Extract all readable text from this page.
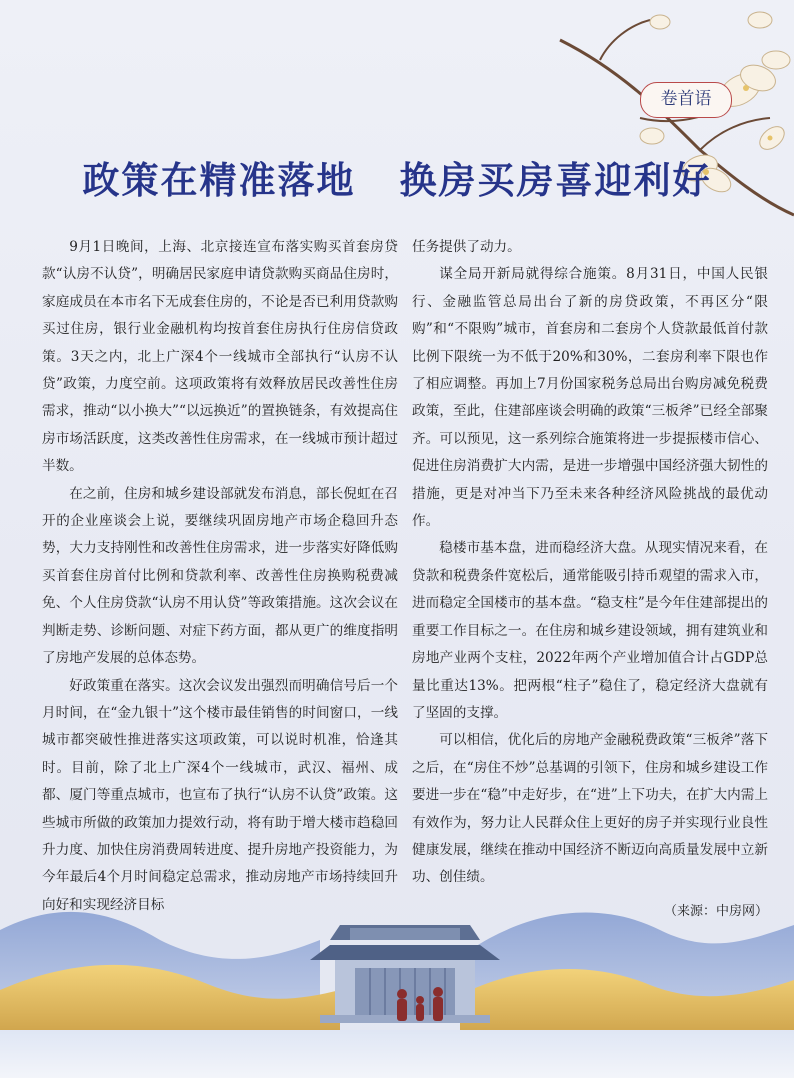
卷首语
政策在精准落地 换房买房喜迎利好

9月1日晚间，上海、北京接连宣布落实购买首套房贷款“认房不认贷”，明确居民家庭申请贷款购买商品住房时，家庭成员在本市名下无成套住房的，不论是否已利用贷款购买过住房，银行业金融机构均按首套住房执行住房信贷政策。3天之内，北上广深4个一线城市全部执行“认房不认贷”政策，力度空前。这项政策将有效释放居民改善性住房需求，推动“以小换大”“以远换近”的置换链条，有效提高住房市场活跃度，这类改善性住房需求，在一线城市预计超过半数。

在之前，住房和城乡建设部就发布消息，部长倪虹在召开的企业座谈会上说，要继续巩固房地产市场企稳回升态势，大力支持刚性和改善性住房需求，进一步落实好降低购买首套住房首付比例和贷款利率、改善性住房换购税费减免、个人住房贷款“认房不用认贷”等政策措施。这次会议在判断走势、诊断问题、对症下药方面，都从更广的维度指明了房地产发展的总体态势。

好政策重在落实。这次会议发出强烈而明确信号后一个月时间，在“金九银十”这个楼市最佳销售的时间窗口，一线城市都突破性推进落实这项政策，可以说时机准，恰逢其时。目前，除了北上广深4个一线城市，武汉、福州、成都、厦门等重点城市，也宣布了执行“认房不认贷”政策。这些城市所做的政策加力提效行动，将有助于增大楼市趋稳回升力度、加快住房消费周转进度、提升房地产投资能力，为今年最后4个月时间稳定总需求，推动房地产市场持续回升向好和实现经济目标

任务提供了动力。

谋全局开新局就得综合施策。8月31日，中国人民银行、金融监管总局出台了新的房贷政策，不再区分“限购”和“不限购”城市，首套房和二套房个人贷款最低首付款比例下限统一为不低于20%和30%，二套房利率下限也作了相应调整。再加上7月份国家税务总局出台购房减免税费政策，至此，住建部座谈会明确的政策“三板斧”已经全部聚齐。可以预见，这一系列综合施策将进一步提振楼市信心、促进住房消费扩大内需，是进一步增强中国经济强大韧性的措施，更是对冲当下乃至未来各种经济风险挑战的最优动作。

稳楼市基本盘，进而稳经济大盘。从现实情况来看，在贷款和税费条件宽松后，通常能吸引持币观望的需求入市，进而稳定全国楼市的基本盘。“稳支柱”是今年住建部提出的重要工作目标之一。在住房和城乡建设领域，拥有建筑业和房地产业两个支柱，2022年两个产业增加值合计占GDP总量比重达13%。把两根“柱子”稳住了，稳定经济大盘就有了坚固的支撑。

可以相信，优化后的房地产金融税费政策“三板斧”落下之后，在“房住不炒”总基调的引领下，住房和城乡建设工作要进一步在“稳”中走好步，在“进”上下功夫，在扩大内需上有效作为，努力让人民群众住上更好的房子并实现行业良性健康发展，继续在推动中国经济不断迈向高质量发展中立新功、创佳绩。

（来源：中房网）
